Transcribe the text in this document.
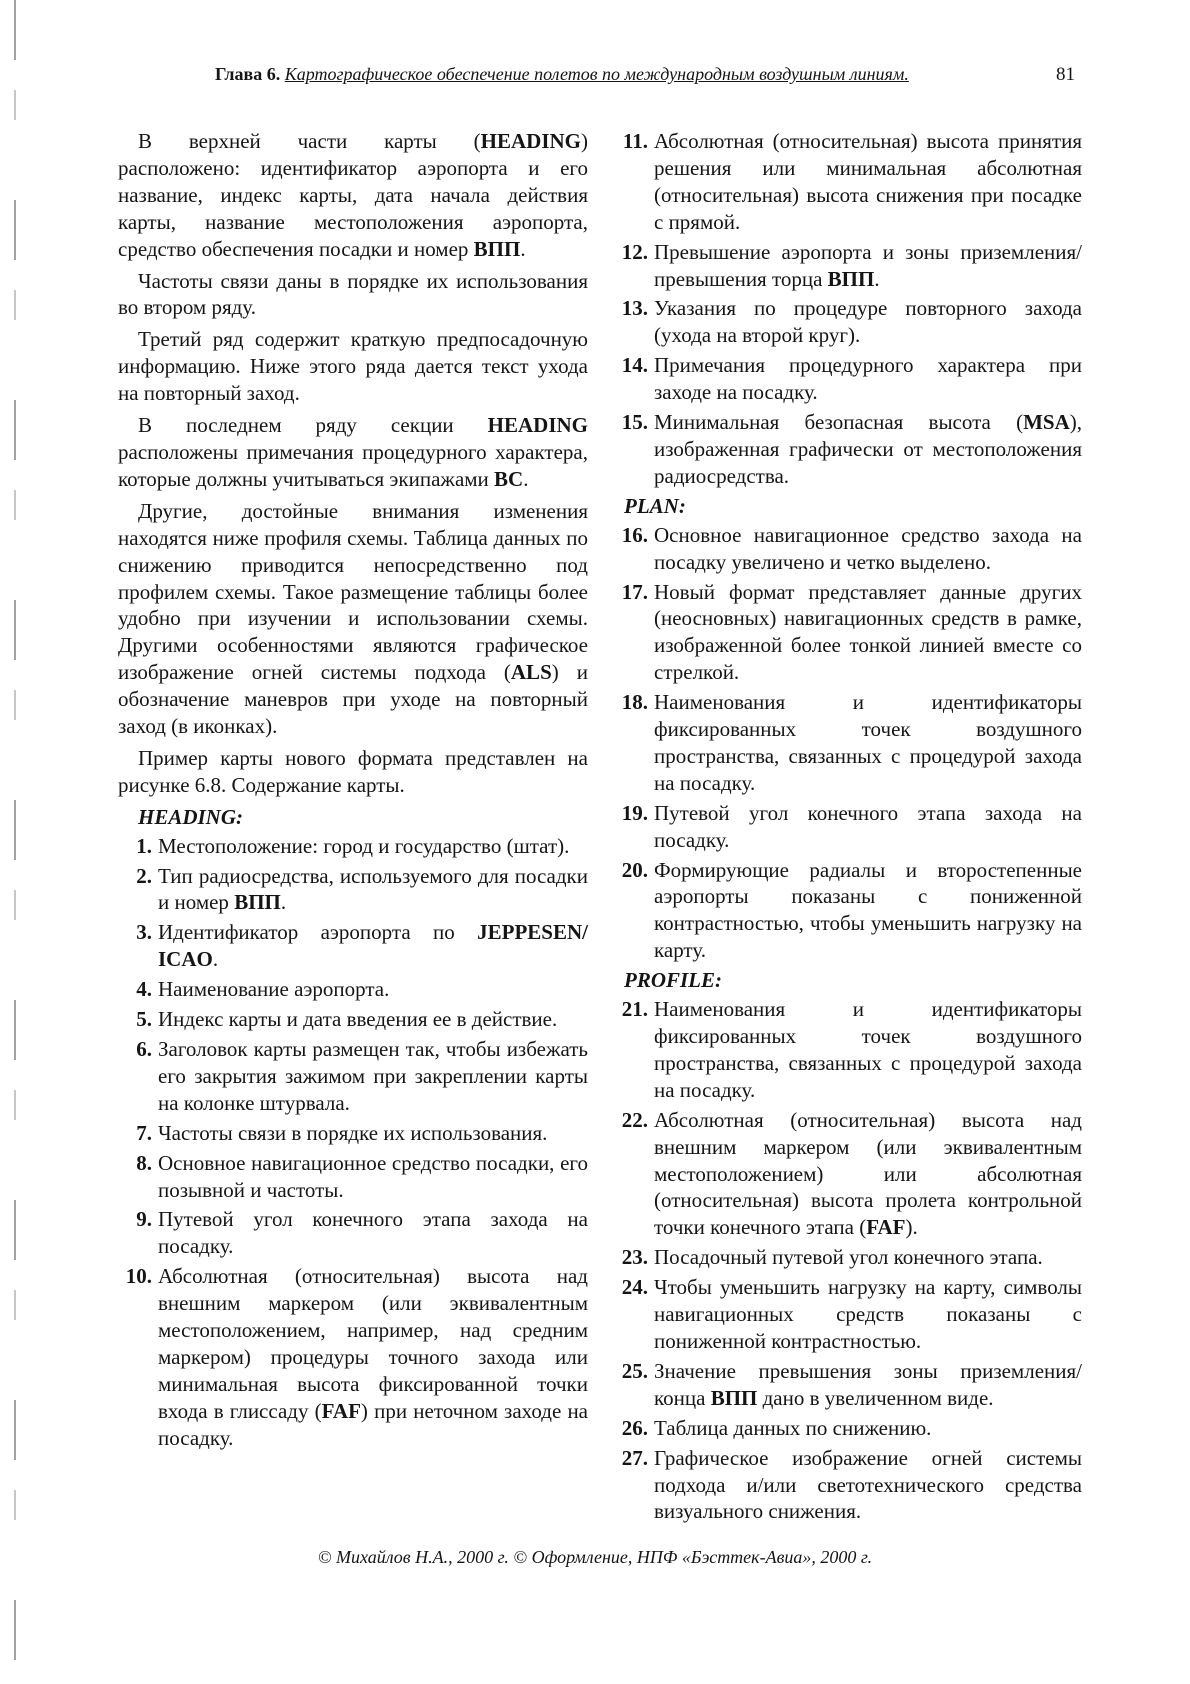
Глава 6. Картографическое обеспечение полетов по международным воздушным линиям.	81

В верхней части карты (HEADING) расположено: идентификатор аэропорта и его название, индекс карты, дата начала действия карты, название местоположения аэропорта, средство обеспечения посадки и номер ВПП.

Частоты связи даны в порядке их использования во втором ряду.

Третий ряд содержит краткую предпосадочную информацию. Ниже этого ряда дается текст ухода на повторный заход.

В последнем ряду секции HEADING расположены примечания процедурного характера, которые должны учитываться экипажами ВС.

Другие, достойные внимания изменения находятся ниже профиля схемы. Таблица данных по снижению приводится непосредственно под профилем схемы. Такое размещение таблицы более удобно при изучении и использовании схемы. Другими особенностями являются графическое изображение огней системы подхода (ALS) и обозначение маневров при уходе на повторный заход (в иконках).

Пример карты нового формата представлен на рисунке 6.8. Содержание карты.

HEADING:
1. Местоположение: город и государство (штат).
2. Тип радиосредства, используемого для посадки и номер ВПП.
3. Идентификатор аэропорта по JEPPESEN/ ICAO.
4. Наименование аэропорта.
5. Индекс карты и дата введения ее в действие.
6. Заголовок карты размещен так, чтобы избежать его закрытия зажимом при закреплении карты на колонке штурвала.
7. Частоты связи в порядке их использования.
8. Основное навигационное средство посадки, его позывной и частоты.
9. Путевой угол конечного этапа захода на посадку.
10. Абсолютная (относительная) высота над внешним маркером (или эквивалентным местоположением, например, над средним маркером) процедуры точного захода или минимальная высота фиксированной точки входа в глиссаду (FAF) при неточном заходе на посадку.
11. Абсолютная (относительная) высота принятия решения или минимальная абсолютная (относительная) высота снижения при посадке с прямой.
12. Превышение аэропорта и зоны приземления/превышения торца ВПП.
13. Указания по процедуре повторного захода (ухода на второй круг).
14. Примечания процедурного характера при заходе на посадку.
15. Минимальная безопасная высота (MSA), изображенная графически от местоположения радиосредства.
PLAN:
16. Основное навигационное средство захода на посадку увеличено и четко выделено.
17. Новый формат представляет данные других (неосновных) навигационных средств в рамке, изображенной более тонкой линией вместе со стрелкой.
18. Наименования и идентификаторы фиксированных точек воздушного пространства, связанных с процедурой захода на посадку.
19. Путевой угол конечного этапа захода на посадку.
20. Формирующие радиалы и второстепенные аэропорты показаны с пониженной контрастностью, чтобы уменьшить нагрузку на карту.
PROFILE:
21. Наименования и идентификаторы фиксированных точек воздушного пространства, связанных с процедурой захода на посадку.
22. Абсолютная (относительная) высота над внешним маркером (или эквивалентным местоположением) или абсолютная (относительная) высота пролета контрольной точки конечного этапа (FAF).
23. Посадочный путевой угол конечного этапа.
24. Чтобы уменьшить нагрузку на карту, символы навигационных средств показаны с пониженной контрастностью.
25. Значение превышения зоны приземления/ конца ВПП дано в увеличенном виде.
26. Таблица данных по снижению.
27. Графическое изображение огней системы подхода и/или светотехнического средства визуального снижения.
© Михайлов Н.А., 2000 г. © Оформление, НПФ «Бэсттек-Авиа», 2000 г.
